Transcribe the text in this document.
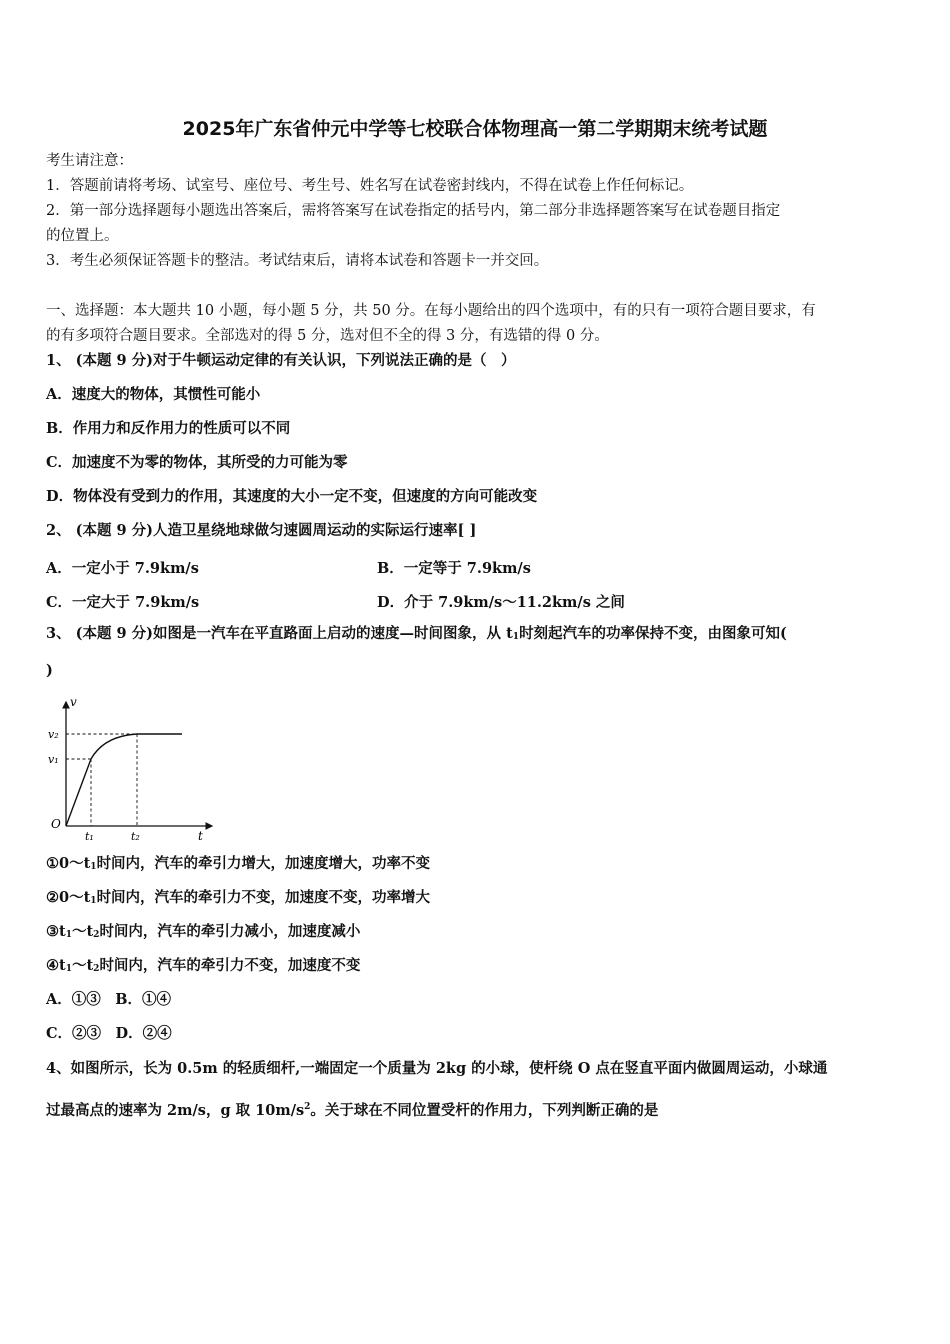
2025年广东省仲元中学等七校联合体物理高一第二学期期末统考试题
考生请注意：
1．答题前请将考场、试室号、座位号、考生号、姓名写在试卷密封线内，不得在试卷上作任何标记。
2．第一部分选择题每小题选出答案后，需将答案写在试卷指定的括号内，第二部分非选择题答案写在试卷题目指定
的位置上。
3．考生必须保证答题卡的整洁。考试结束后，请将本试卷和答题卡一并交回。
一、选择题：本大题共 10 小题，每小题 5 分，共 50 分。在每小题给出的四个选项中，有的只有一项符合题目要求，有
的有多项符合题目要求。全部选对的得 5 分，选对但不全的得 3 分，有选错的得 0 分。
1、 (本题 9 分)对于牛顿运动定律的有关认识，下列说法正确的是（　）
A．速度大的物体，其惯性可能小
B．作用力和反作用力的性质可以不同
C．加速度不为零的物体，其所受的力可能为零
D．物体没有受到力的作用，其速度的大小一定不变，但速度的方向可能改变
2、 (本题 9 分)人造卫星绕地球做匀速圆周运动的实际运行速率[ ]
A．一定小于 7.9km/s	B．一定等于 7.9km/s
C．一定大于 7.9km/s	D．介于 7.9km/s～11.2km/s 之间
3、 (本题 9 分)如图是一汽车在平直路面上启动的速度—时间图象，从 $t_1$时刻起汽车的功率保持不变，由图象可知(
)
v
v₂
v₁
O
t₁	t₂	t
$①0\sim t_1$时间内，汽车的牵引力增大，加速度增大，功率不变
$②0\sim t_1$时间内，汽车的牵引力不变，加速度不变，功率增大
$③t_1\sim t_2$时间内，汽车的牵引力减小，加速度减小
$④t_1\sim t_2$时间内，汽车的牵引力不变，加速度不变
A．①③　B．①④
C．②③　D．②④
4、如图所示，长为 0.5m 的轻质细杆,一端固定一个质量为 2kg 的小球，使杆绕 O 点在竖直平面内做圆周运动，小球通
过最高点的速率为 2m/s，g 取 $10m/s^2$。关于球在不同位置受杆的作用力，下列判断正确的是
